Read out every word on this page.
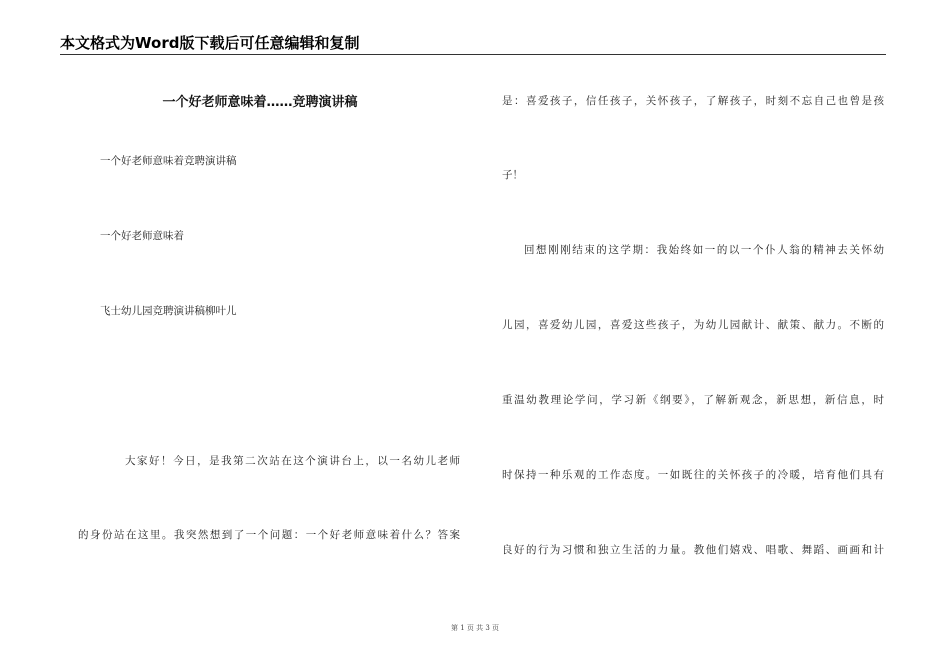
本文格式为Word版下载后可任意编辑和复制
一个好老师意味着……竞聘演讲稿
一个好老师意味着竞聘演讲稿
一个好老师意味着
飞士幼儿园竞聘演讲稿柳叶儿
大家好！今日，是我第二次站在这个演讲台上，以一名幼儿老师
的身份站在这里。我突然想到了一个问题：一个好老师意味着什么？答案
是：喜爱孩子，信任孩子，关怀孩子，了解孩子，时刻不忘自己也曾是孩
子！
回想刚刚结束的这学期：我始终如一的以一个仆人翁的精神去关怀幼
儿园，喜爱幼儿园，喜爱这些孩子，为幼儿园献计、献策、献力。不断的
重温幼教理论学问，学习新《纲要》，了解新观念，新思想，新信息，时
时保持一种乐观的工作态度。一如既往的关怀孩子的冷暖，培育他们具有
良好的行为习惯和独立生活的力量。教他们嬉戏、唱歌、舞蹈、画画和计
第 1 页 共 3 页
